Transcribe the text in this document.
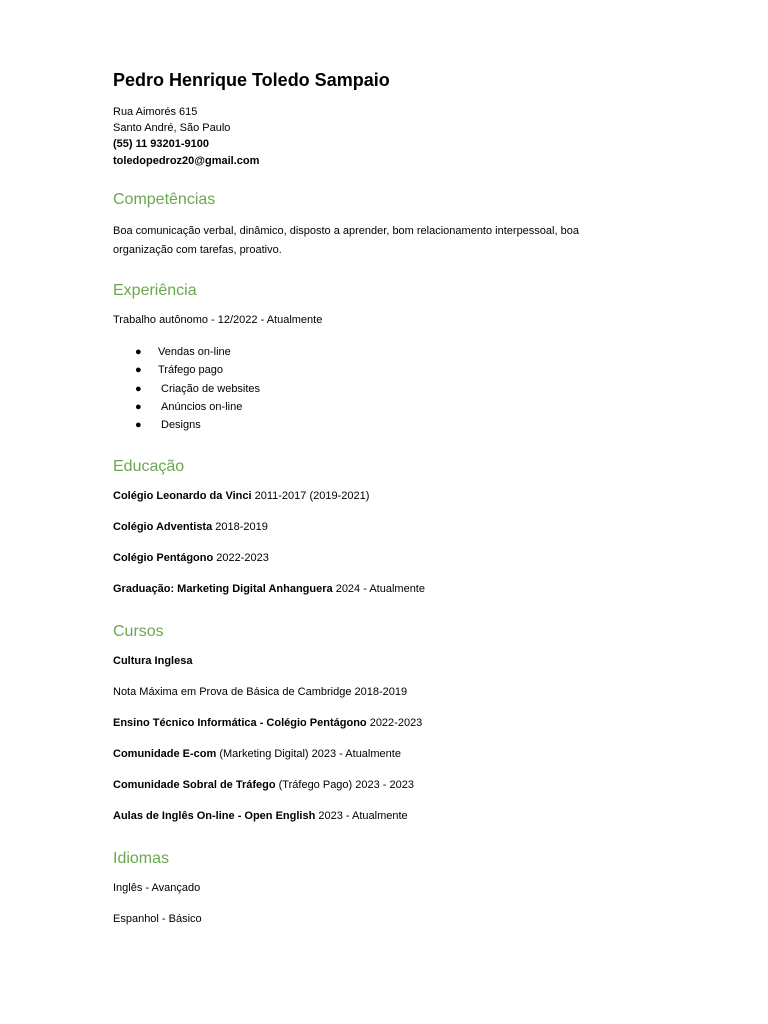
Pedro Henrique Toledo Sampaio
Rua Aimorés 615
Santo André, São Paulo
(55) 11 93201-9100
toledopedroz20@gmail.com
Competências
Boa comunicação verbal, dinâmico, disposto a aprender, bom relacionamento interpessoal, boa
organização com tarefas, proativo.
Experiência
Trabalho autônomo - 12/2022 - Atualmente
● Vendas on-line
● Tráfego pago
● Criação de websites
● Anúncios on-line
● Designs
Educação
Colégio Leonardo da Vinci 2011-2017 (2019-2021)
Colégio Adventista 2018-2019
Colégio Pentágono 2022-2023
Graduação: Marketing Digital Anhanguera 2024 - Atualmente
Cursos
Cultura Inglesa
Nota Máxima em Prova de Básica de Cambridge 2018-2019
Ensino Técnico Informática - Colégio Pentágono 2022-2023
Comunidade E-com (Marketing Digital) 2023 - Atualmente
Comunidade Sobral de Tráfego (Tráfego Pago) 2023 - 2023
Aulas de Inglês On-line - Open English 2023 - Atualmente
Idiomas
Inglês - Avançado
Espanhol - Básico
